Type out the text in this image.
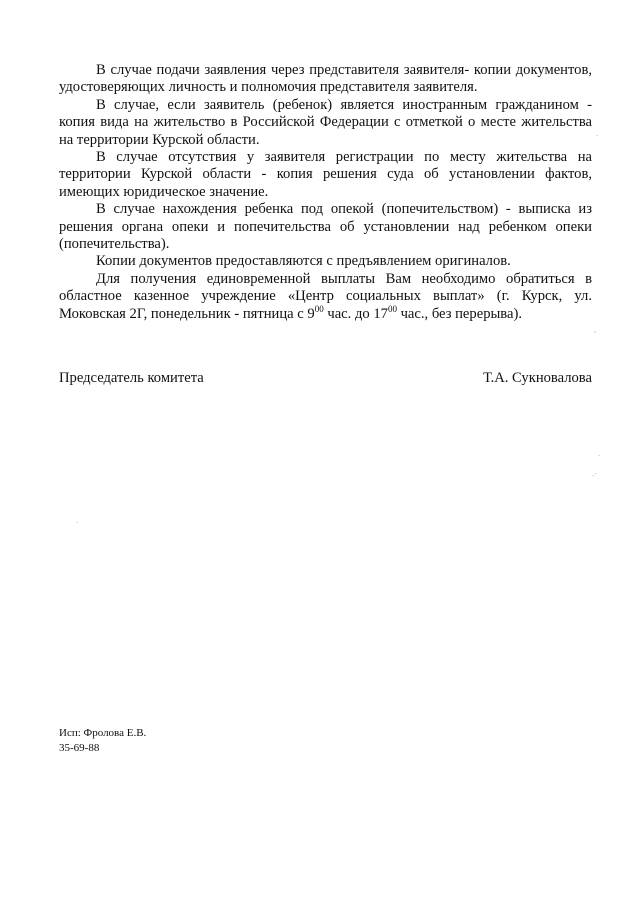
В случае подачи заявления через представителя заявителя- копии документов, удостоверяющих личность и полномочия представителя заявителя.

В случае, если заявитель (ребенок) является иностранным гражданином - копия вида на жительство в Российской Федерации с отметкой о месте жительства на территории Курской области.

В случае отсутствия у заявителя регистрации по месту жительства на территории Курской области - копия решения суда об установлении фактов, имеющих юридическое значение.

В случае нахождения ребенка под опекой (попечительством) - выписка из решения органа опеки и попечительства об установлении над ребенком опеки (попечительства).

Копии документов предоставляются с предъявлением оригиналов.

Для получения единовременной выплаты Вам необходимо обратиться в областное казенное учреждение «Центр социальных выплат» (г. Курск, ул. Моковская 2Г, понедельник - пятница с $9^{00}$ час. до $17^{00}$ час., без перерыва).

Председатель комитета	Т.А. Сукновалова
Исп: Фролова Е.В.
35-69-88
·
'
·
.·
·
